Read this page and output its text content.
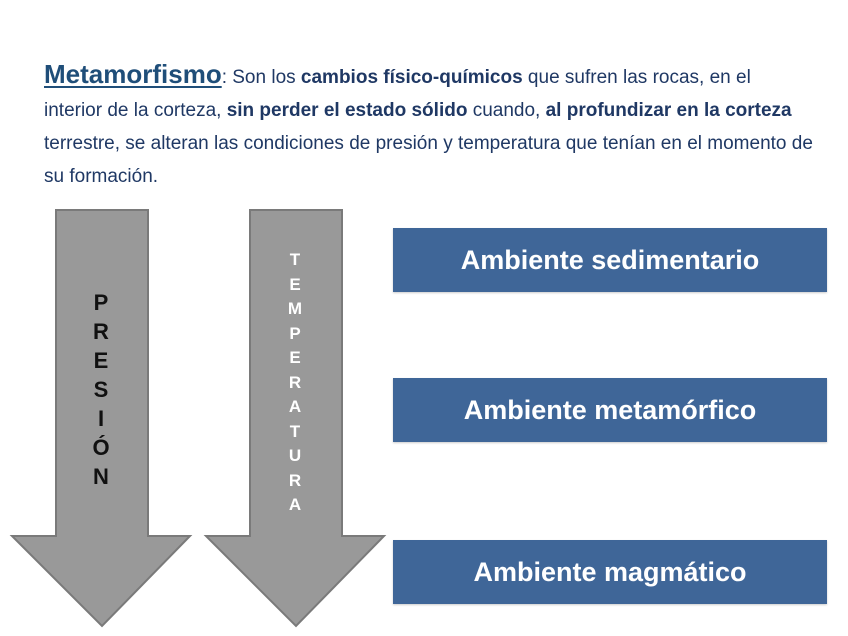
Metamorfismo: Son los cambios físico-químicos que sufren las rocas, en el interior de la corteza, sin perder el estado sólido cuando, al profundizar en la corteza terrestre, se alteran las condiciones de presión y temperatura que tenían en el momento de su formación.
P
R
E
S
I
Ó
N
T
E
M
P
E
R
A
T
U
R
A
Ambiente sedimentario
Ambiente metamórfico
Ambiente magmático
